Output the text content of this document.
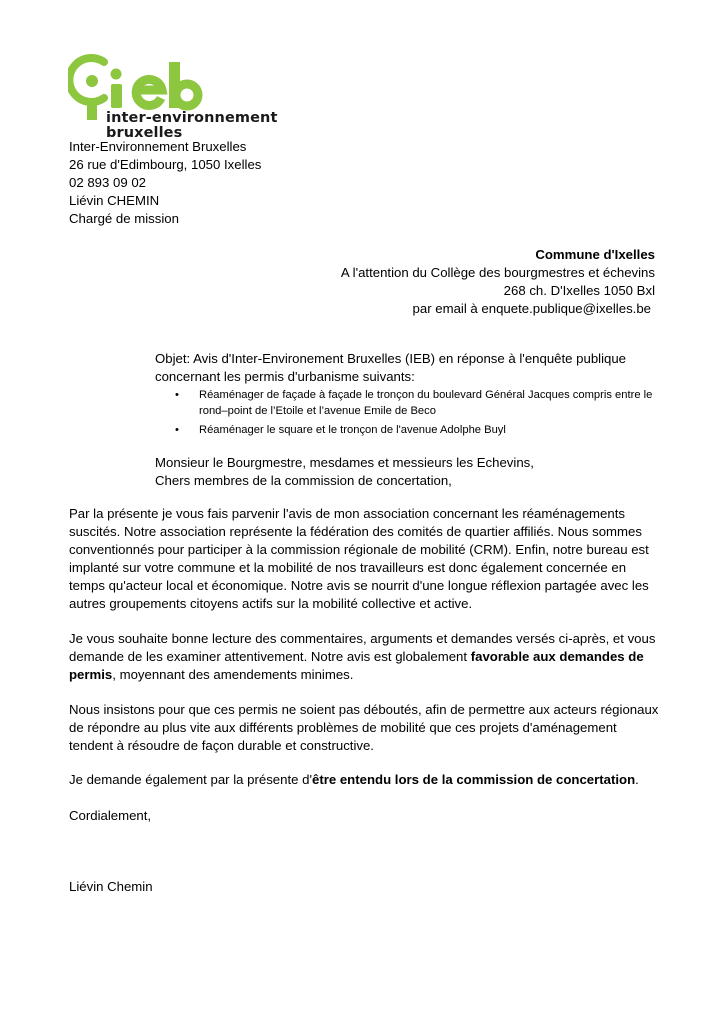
inter-environnement
bruxelles
Inter-Environnement Bruxelles
26 rue d'Edimbourg, 1050 Ixelles
02 893 09 02
Liévin CHEMIN
Chargé de mission
Commune d'Ixelles
A l'attention du Collège des bourgmestres et échevins
268 ch. D'Ixelles 1050 Bxl
par email à enquete.publique@ixelles.be
Objet: Avis d'Inter-Environement Bruxelles (IEB) en réponse à l'enquête publique concernant les permis d'urbanisme suivants:
• Réaménager de façade à façade le tronçon du boulevard Général Jacques compris entre le rond–point de l’Etoile et l’avenue Emile de Beco
• Réaménager le square et le tronçon de l'avenue Adolphe Buyl
Monsieur le Bourgmestre, mesdames et messieurs les Echevins,
Chers membres de la commission de concertation,

Par la présente je vous fais parvenir l'avis de mon association concernant les réaménagements suscités. Notre association représente la fédération des comités de quartier affiliés. Nous sommes conventionnés pour participer à la commission régionale de mobilité (CRM). Enfin, notre bureau est implanté sur votre commune et la mobilité de nos travailleurs est donc également concernée en temps qu'acteur local et économique. Notre avis se nourrit d'une longue réflexion partagée avec les autres groupements citoyens actifs sur la mobilité collective et active.

Je vous souhaite bonne lecture des commentaires, arguments et demandes versés ci-après, et vous demande de les examiner attentivement. Notre avis est globalement favorable aux demandes de permis, moyennant des amendements minimes.

Nous insistons pour que ces permis ne soient pas déboutés, afin de permettre aux acteurs régionaux de répondre au plus vite aux différents problèmes de mobilité que ces projets d'aménagement tendent à résoudre de façon durable et constructive.

Je demande également par la présente d'être entendu lors de la commission de concertation.

Cordialement,

Liévin Chemin
